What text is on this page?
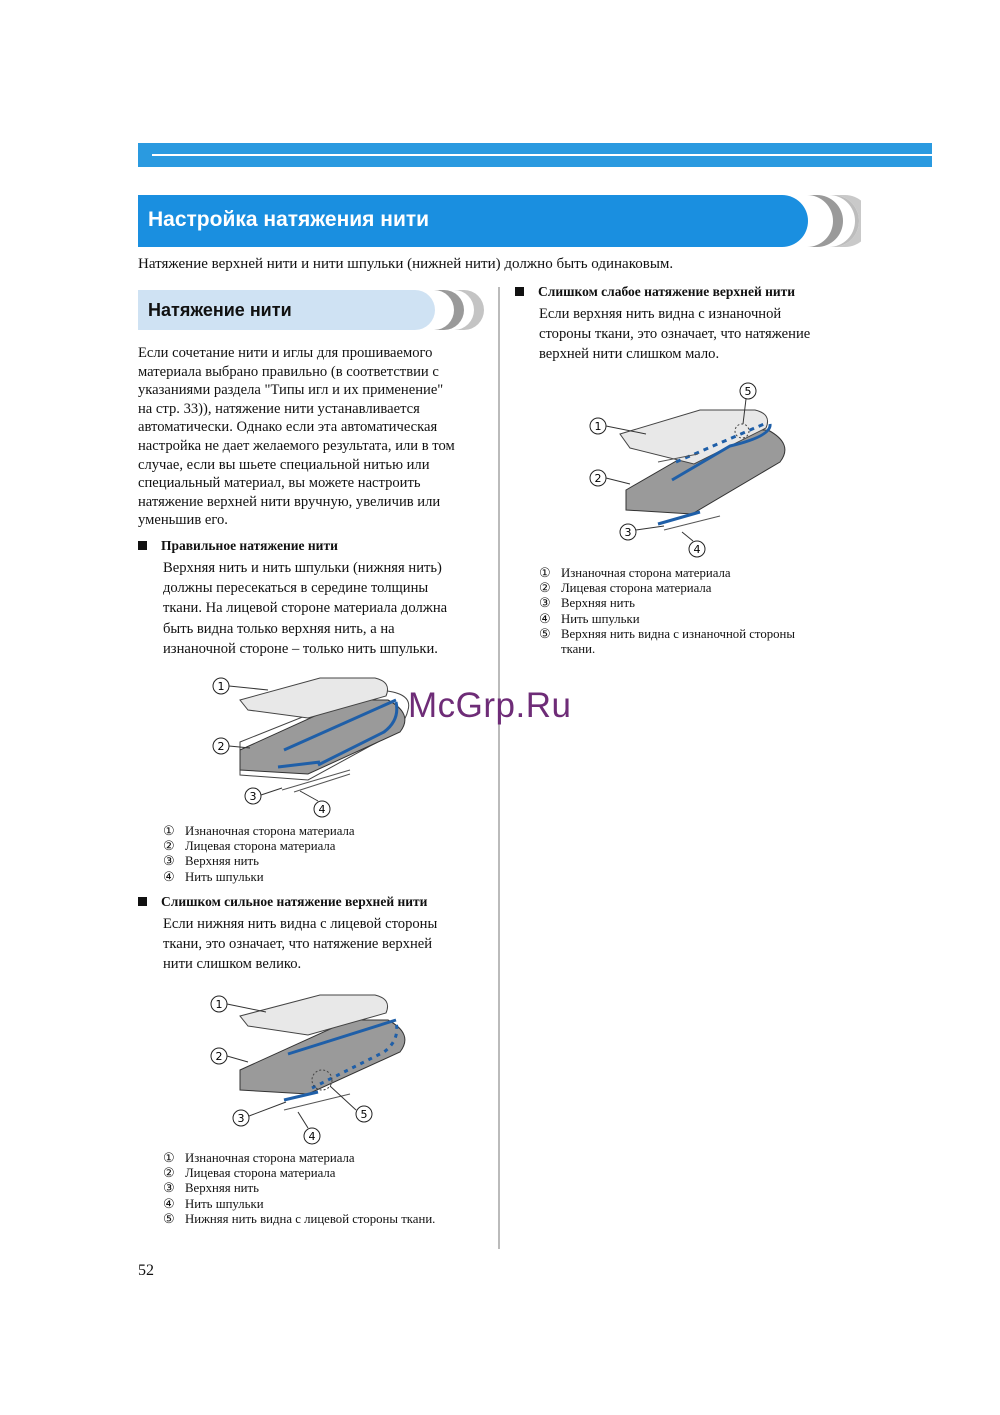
Настройка натяжения нити
Натяжение верхней нити и нити шпульки (нижней нити) должно быть одинаковым.
Натяжение нити
Если сочетание нити и иглы для прошиваемого
материала выбрано правильно (в соответствии с
указаниями раздела "Типы игл и их применение"
на стр. 33)), натяжение нити устанавливается
автоматически. Однако если эта автоматическая
настройка не дает желаемого результата, или в том
случае, если вы шьете специальной нитью или
специальный материал, вы можете настроить
натяжение верхней нити вручную, увеличив или
уменьшив его.
Правильное натяжение нити
Верхняя нить и нить шпульки (нижняя нить)
должны пересекаться в середине толщины
ткани. На лицевой стороне материала должна
быть видна только верхняя нить, а на
изнаночной стороне – только нить шпульки.
1
2
3
4
① Изнаночная сторона материала
② Лицевая сторона материала
③ Верхняя нить
④ Нить шпульки
Слишком сильное натяжение верхней нити
Если нижняя нить видна с лицевой стороны
ткани, это означает, что натяжение верхней
нити слишком велико.
1
2
3
4
5
① Изнаночная сторона материала
② Лицевая сторона материала
③ Верхняя нить
④ Нить шпульки
⑤ Нижняя нить видна с лицевой стороны ткани.
Слишком слабое натяжение верхней нити
Если верхняя нить видна с изнаночной
стороны ткани, это означает, что натяжение
верхней нити слишком мало.
1
2
3
4
5
① Изнаночная сторона материала
② Лицевая сторона материала
③ Верхняя нить
④ Нить шпульки
⑤ Верхняя нить видна с изнаночной стороны
ткани.
McGrp.Ru
52
